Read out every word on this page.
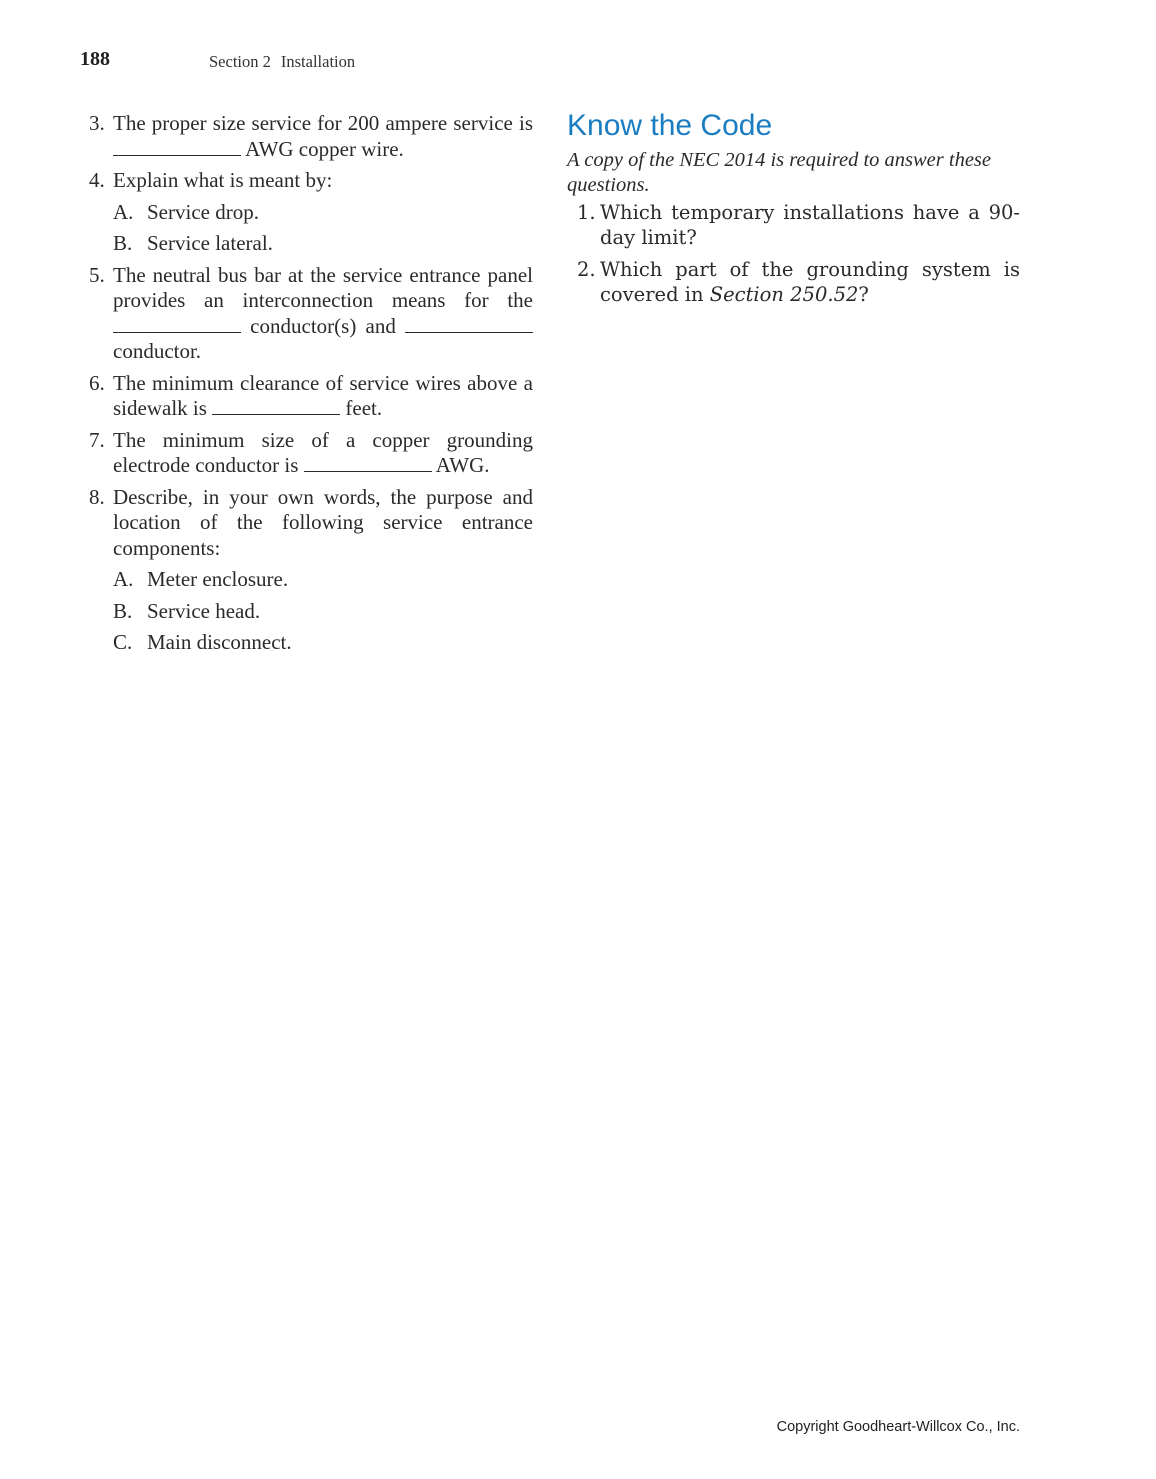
188	Section 2 Installation
3. The proper size service for 200 ampere service is  AWG copper wire.
4. Explain what is meant by:
A. Service drop.
B. Service lateral.
5. The neutral bus bar at the service entrance panel provides an interconnection means for the  conductor(s) and  conductor.
6. The minimum clearance of service wires above a sidewalk is	feet.
7. The minimum size of a copper grounding electrode conductor is	AWG.
8. Describe, in your own words, the purpose and location of the following service entrance components:
A. Meter enclosure.
B. Service head.
C. Main disconnect.
Know the Code
A copy of the NEC 2014 is required to answer these questions.
1. Which temporary installations have a 90-day limit?
2. Which part of the grounding system is covered in Section 250.52?
Copyright Goodheart-Willcox Co., Inc.
